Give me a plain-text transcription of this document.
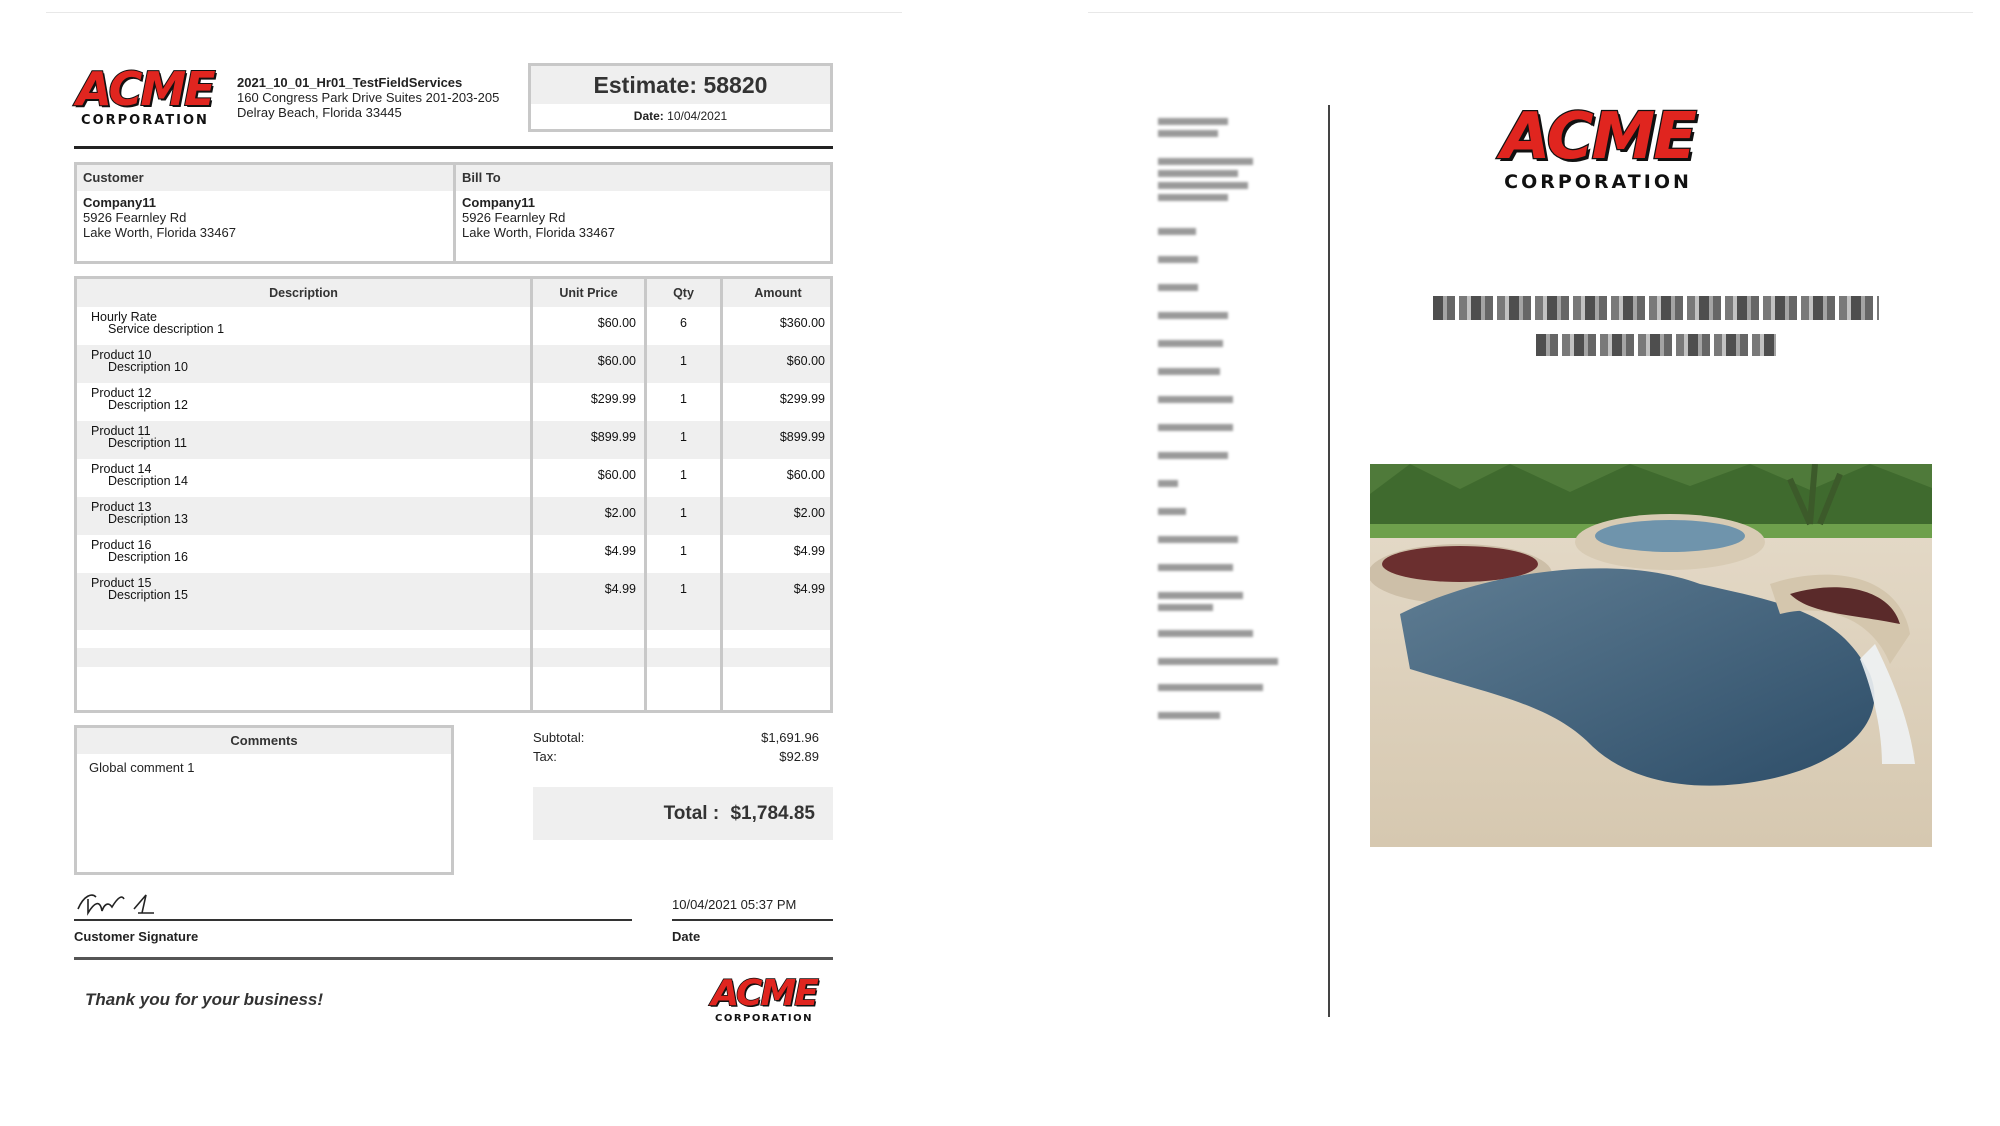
ACME
CORPORATION
2021_10_01_Hr01_TestFieldServices
160 Congress Park Drive Suites 201-203-205
Delray Beach, Florida 33445
Estimate: 58820
Date: 10/04/2021
Customer
Company11
5926 Fearnley Rd
Lake Worth, Florida 33467
Bill To
Company11
5926 Fearnley Rd
Lake Worth, Florida 33467
Description	Unit Price	Qty	Amount
Hourly Rate
Service description 1	$60.00	6	$360.00
Product 10
Description 10	$60.00	1	$60.00
Product 12
Description 12	$299.99	1	$299.99
Product 11
Description 11	$899.99	1	$899.99
Product 14
Description 14	$60.00	1	$60.00
Product 13
Description 13	$2.00	1	$2.00
Product 16
Description 16	$4.99	1	$4.99
Product 15
Description 15	$4.99	1	$4.99
Comments
Global comment 1
Subtotal:	$1,691.96
Tax:	$92.89
Total : $1,784.85
Customer Signature
10/04/2021 05:37 PM
Date
Thank you for your business!	ACME
CORPORATION
ACME
CORPORATION
